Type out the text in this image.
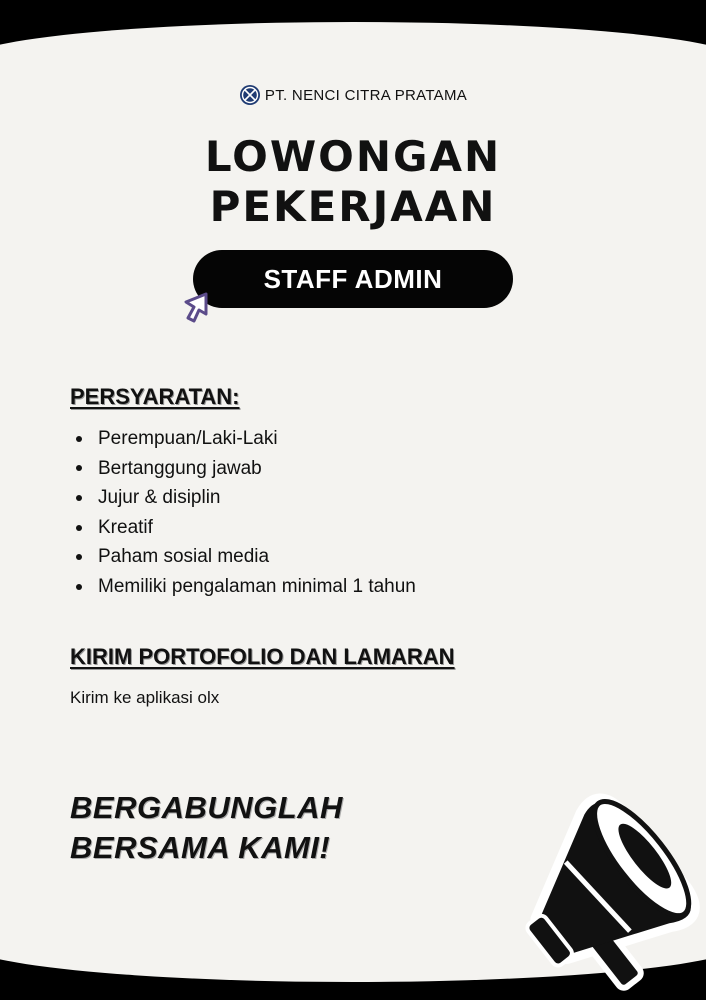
PT. NENCI CITRA PRATAMA
LOWONGAN
PEKERJAAN
STAFF ADMIN
PERSYARATAN:
Perempuan/Laki-Laki
Bertanggung jawab
Jujur & disiplin
Kreatif
Paham sosial media
Memiliki pengalaman minimal 1 tahun
KIRIM PORTOFOLIO DAN LAMARAN
Kirim ke aplikasi olx
BERGABUNGLAH
BERSAMA KAMI!
